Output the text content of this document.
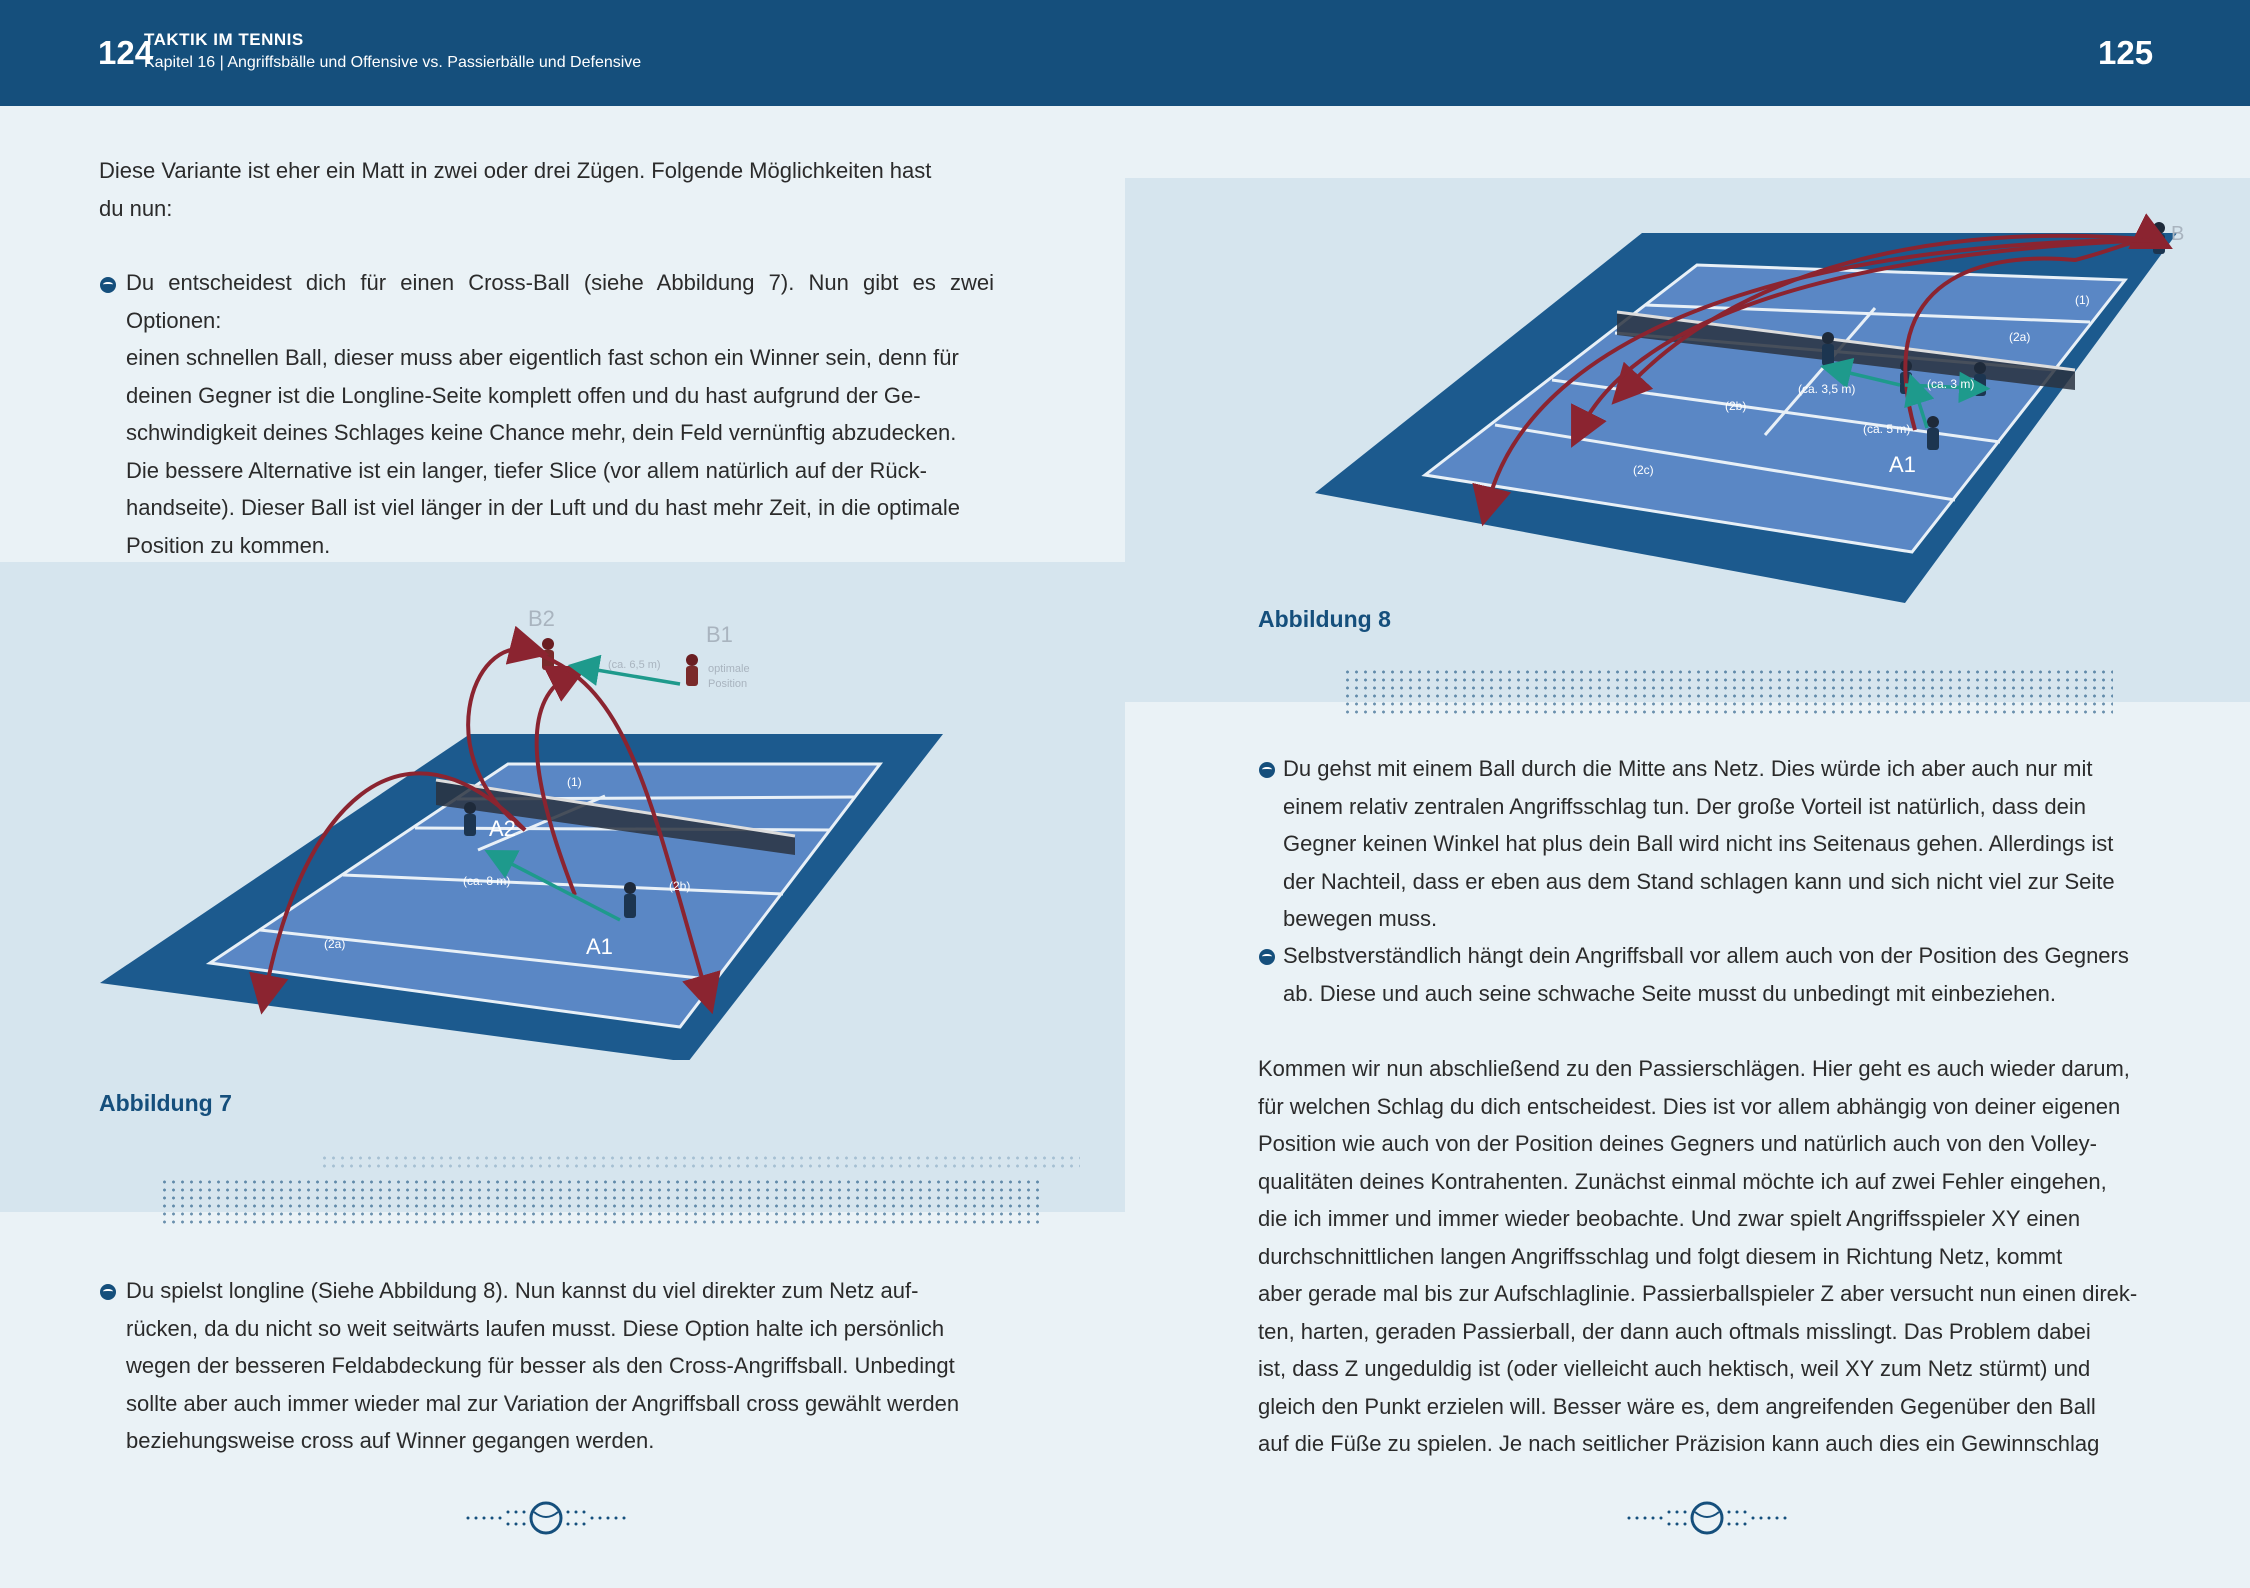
124
TAKTIK IM TENNIS
Kapitel 16 | Angriffsbälle und Offensive vs. Passierbälle und Defensive
Diese Variante ist eher ein Matt in zwei oder drei Zügen. Folgende Möglichkeiten hast
du nun:
Du entscheidest dich für einen Cross-Ball (siehe Abbildung 7). Nun gibt es zwei Optionen:
einen schnellen Ball, dieser muss aber eigentlich fast schon ein Winner sein, denn für
deinen Gegner ist die Longline-Seite komplett offen und du hast aufgrund der Ge-
schwindigkeit deines Schlages keine Chance mehr, dein Feld vernünftig abzudecken.
Die bessere Alternative ist ein langer, tiefer Slice (vor allem natürlich auf der Rück-
handseite). Dieser Ball ist viel länger in der Luft und du hast mehr Zeit, in die optimale
Position zu kommen.
B2
B1
(ca. 6,5 m)	optimale
Position
A2
A1
(ca. 8 m)
(1)
(2a)
(2b)
Abbildung 7
Du spielst longline (Siehe Abbildung 8). Nun kannst du viel direkter zum Netz auf-
rücken, da du nicht so weit seitwärts laufen musst. Diese Option halte ich persönlich
wegen der besseren Feldabdeckung für besser als den Cross-Angriffsball. Unbedingt
sollte aber auch immer wieder mal zur Variation der Angriffsball cross gewählt werden
beziehungsweise cross auf Winner gegangen werden.
125
B
A1
(1)
(2a)
(2b)
(2c)
(ca. 3,5 m)	(ca. 3 m)
(ca. 5 m)
Abbildung 8
Du gehst mit einem Ball durch die Mitte ans Netz. Dies würde ich aber auch nur mit
einem relativ zentralen Angriffsschlag tun. Der große Vorteil ist natürlich, dass dein
Gegner keinen Winkel hat plus dein Ball wird nicht ins Seitenaus gehen. Allerdings ist
der Nachteil, dass er eben aus dem Stand schlagen kann und sich nicht viel zur Seite
bewegen muss.
Selbstverständlich hängt dein Angriffsball vor allem auch von der Position des Gegners
ab. Diese und auch seine schwache Seite musst du unbedingt mit einbeziehen.
Kommen wir nun abschließend zu den Passierschlägen. Hier geht es auch wieder darum,
für welchen Schlag du dich entscheidest. Dies ist vor allem abhängig von deiner eigenen
Position wie auch von der Position deines Gegners und natürlich auch von den Volley-
qualitäten deines Kontrahenten. Zunächst einmal möchte ich auf zwei Fehler eingehen,
die ich immer und immer wieder beobachte. Und zwar spielt Angriffsspieler XY einen
durchschnittlichen langen Angriffsschlag und folgt diesem in Richtung Netz, kommt
aber gerade mal bis zur Aufschlaglinie. Passierballspieler Z aber versucht nun einen direk-
ten, harten, geraden Passierball, der dann auch oftmals misslingt. Das Problem dabei
ist, dass Z ungeduldig ist (oder vielleicht auch hektisch, weil XY zum Netz stürmt) und
gleich den Punkt erzielen will. Besser wäre es, dem angreifenden Gegenüber den Ball
auf die Füße zu spielen. Je nach seitlicher Präzision kann auch dies ein Gewinnschlag
